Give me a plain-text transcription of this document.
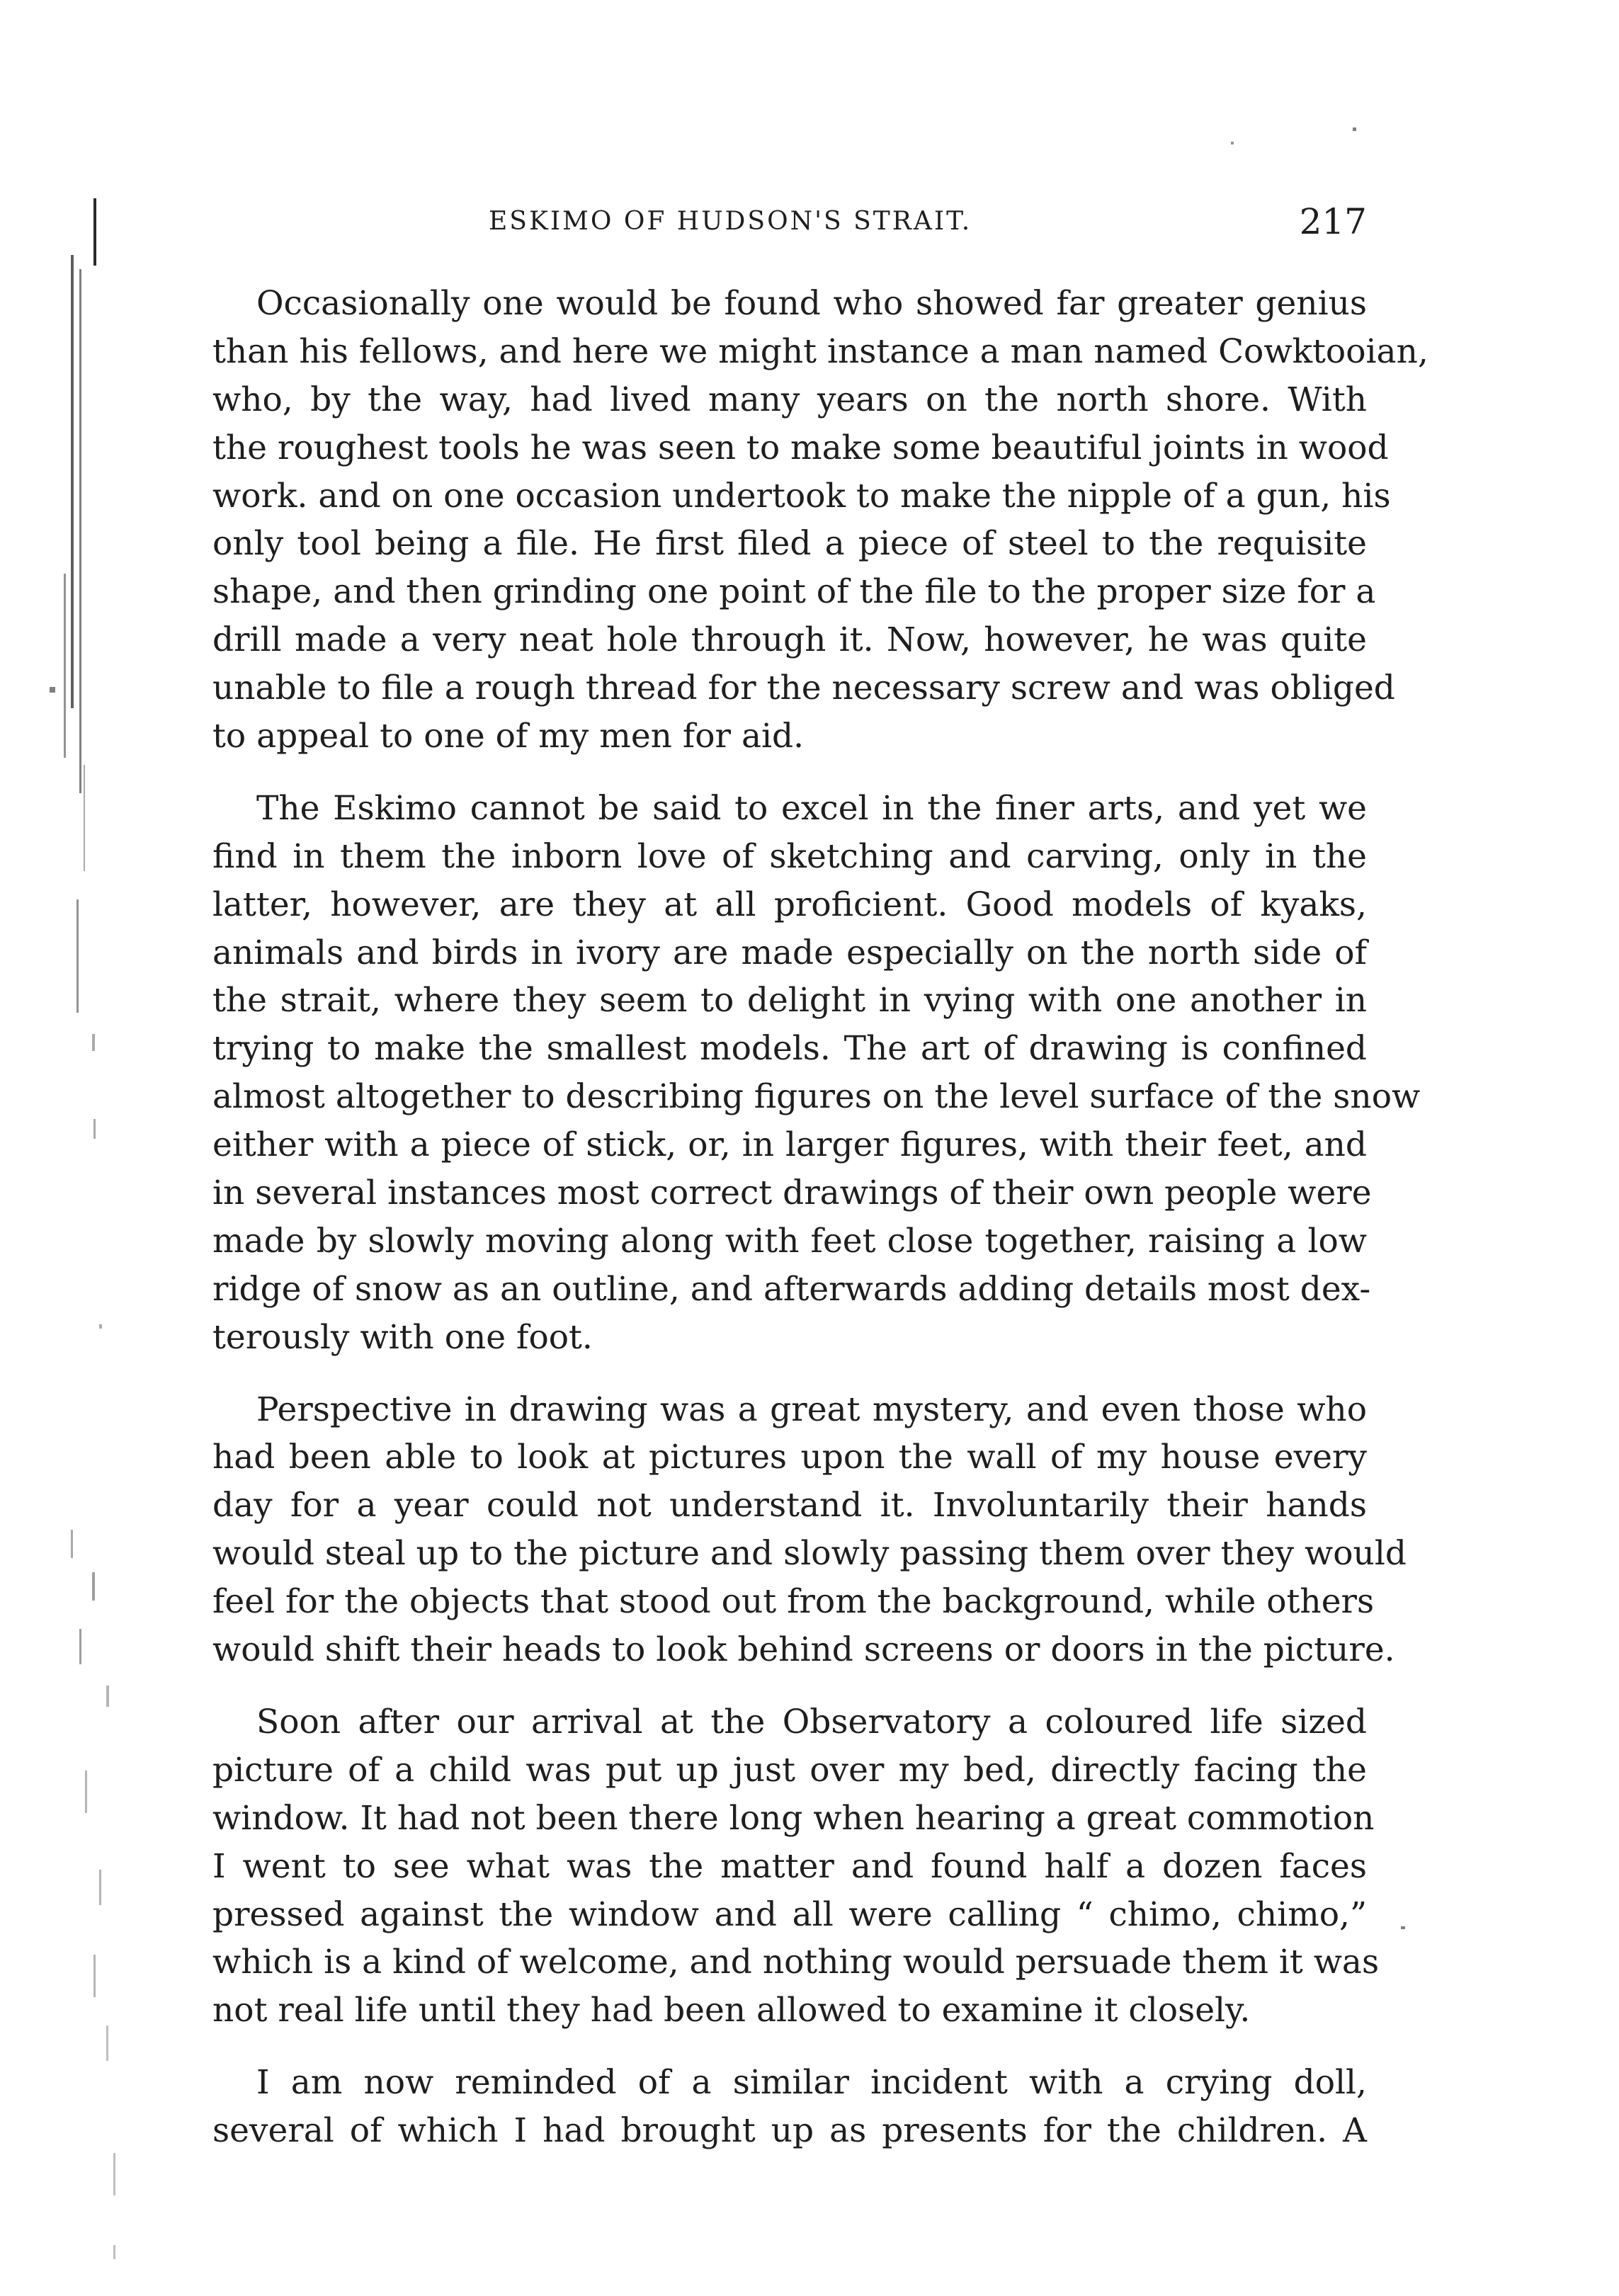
ESKIMO OF HUDSON'S STRAIT.	217
Occasionally one would be found who showed far greater genius
than his fellows, and here we might instance a man named Cowktooian,
who, by the way, had lived many years on the north shore. With
the roughest tools he was seen to make some beautiful joints in wood
work. and on one occasion undertook to make the nipple of a gun, his
only tool being a file. He first filed a piece of steel to the requisite
shape, and then grinding one point of the file to the proper size for a
drill made a very neat hole through it. Now, however, he was quite
unable to file a rough thread for the necessary screw and was obliged
to appeal to one of my men for aid.
The Eskimo cannot be said to excel in the finer arts, and yet we
find in them the inborn love of sketching and carving, only in the
latter, however, are they at all proficient. Good models of kyaks,
animals and birds in ivory are made especially on the north side of
the strait, where they seem to delight in vying with one another in
trying to make the smallest models. The art of drawing is confined
almost altogether to describing figures on the level surface of the snow
either with a piece of stick, or, in larger figures, with their feet, and
in several instances most correct drawings of their own people were
made by slowly moving along with feet close together, raising a low
ridge of snow as an outline, and afterwards adding details most dex-
terously with one foot.
Perspective in drawing was a great mystery, and even those who
had been able to look at pictures upon the wall of my house every
day for a year could not understand it. Involuntarily their hands
would steal up to the picture and slowly passing them over they would
feel for the objects that stood out from the background, while others
would shift their heads to look behind screens or doors in the picture.
Soon after our arrival at the Observatory a coloured life sized
picture of a child was put up just over my bed, directly facing the
window. It had not been there long when hearing a great commotion
I went to see what was the matter and found half a dozen faces
pressed against the window and all were calling “ chimo, chimo,”
which is a kind of welcome, and nothing would persuade them it was
not real life until they had been allowed to examine it closely.
I am now reminded of a similar incident with a crying doll,
several of which I had brought up as presents for the children. A
